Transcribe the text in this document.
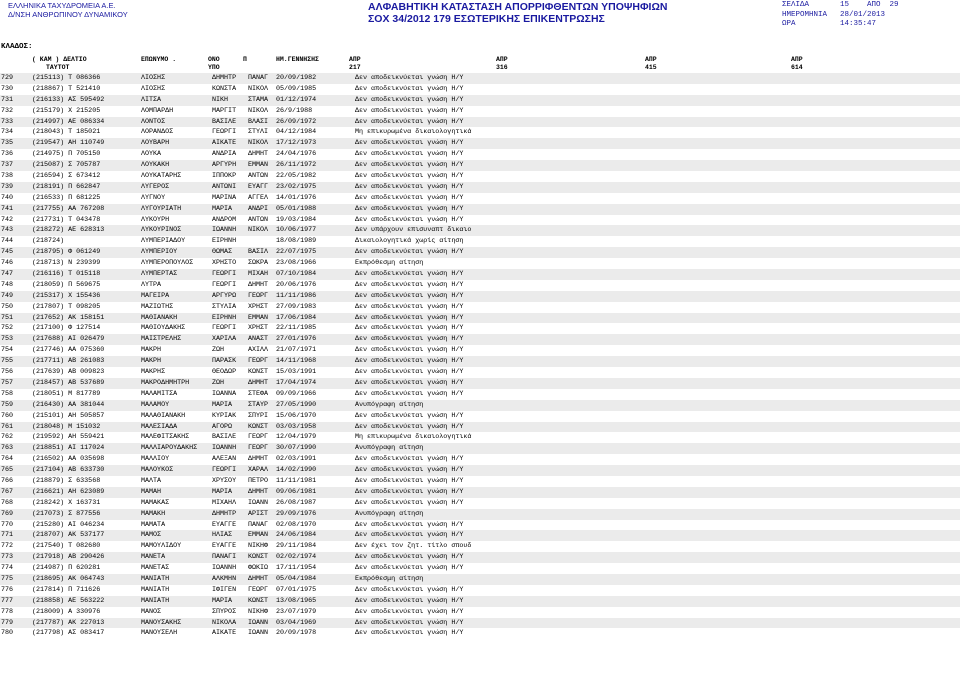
ΕΛΛΗΝΙΚΑ ΤΑΧΥΔΡΟΜΕΙΑ Α.Ε.
Δ/ΝΣΗ ΑΝΘΡΩΠΙΝΟΥ ΔΥΝΑΜΙΚΟΥ
ΑΛΦΑΒΗΤΙΚΗ ΚΑΤΑΣΤΑΣΗ ΑΠΟΡΡΙΦΘΕΝΤΩΝ ΥΠΟΨΗΦΙΩΝ
ΣΟΧ 34/2012 179 ΕΣΩΤΕΡΙΚΗΣ ΕΠΙΚΕΝΤΡΩΣΗΣ
ΣΕΛΙΔΑ	15    ΑΠΟ  29
ΗΜΕΡΟΜΗΝΙΑ 28/01/2013
ΩΡΑ	14:35:47
ΚΛΑΔΟΣ:
( ΚΑΜ ) ΔΕΛΤΙΟ
ΤΑΥΤΟΤ
ΕΠΩΝΥΜΟ .	ΟΝΟ
ΥΠΟ
Π	ΗΜ.ΓΕΝΝΗΣΗΣ	ΑΠΡ
217
ΑΠΡ
316
ΑΠΡ
415
ΑΠΡ
614
729	(215113) Τ 086366	ΛΙΟΣΗΣ	ΔΗΜΗΤΡ ΠΑΝΑΓ 20/09/1982	Δεν αποδεικνύεται γνώση Η/Υ
730	(218867) Τ 521410	ΛΙΟΣΗΣ	ΚΩΝΣΤΑ ΝΙΚΟΛ 05/09/1985	Δεν αποδεικνύεται γνώση Η/Υ
731	(216133) ΑΣ 595492	ΛΙΤΣΑ	ΝΙΚΗ	ΣΤΑΜΑ 01/12/1974	Δεν αποδεικνύεται γνώση Η/Υ
732	(215179) Χ 215205	ΛΟΜΠΑΡΔΗ	ΜΑΡΓΙΤ ΝΙΚΟΛ 26/9/1988	Δεν αποδεικνύεται γνώση Η/Υ
733	(214997) ΑΕ 086334	ΛΟΝΤΟΣ	ΒΑΣΙΛΕ ΒΛΑΣΙ 26/09/1972	Δεν αποδεικνύεται γνώση Η/Υ
734	(218043) Τ 185021	ΛΟΡΑΝΔΟΣ	ΓΕΩΡΓΙ ΣΤΥΛΙ 04/12/1984	Μη επικυρωμένα δικαιολογητικά
735	(219547) ΑΗ 110749	ΛΟΥΒΑΡΗ	ΑΙΚΑΤΕ ΝΙΚΟΛ 17/12/1973	Δεν αποδεικνύεται γνώση Η/Υ
736	(214975) Π 705150	ΛΟΥΚΑ	ΑΝΔΡΙΑ ΔΗΜΗΤ 24/04/1976	Δεν αποδεικνύεται γνώση Η/Υ
737	(215087) Σ 705787	ΛΟΥΚΑΚΗ	ΑΡΓΥΡΗ ΕΜΜΑΝ 26/11/1972	Δεν αποδεικνύεται γνώση Η/Υ
738	(216594) Σ 673412	ΛΟΥΚΑΤΑΡΗΣ	ΙΠΠΟΚΡ ΑΝΤΩΝ 22/05/1982	Δεν αποδεικνύεται γνώση Η/Υ
739	(218191) Π 662847	ΛΥΓΕΡΟΣ	ΑΝΤΩΝΙ ΕΥΑΓΓ 23/02/1975	Δεν αποδεικνύεται γνώση Η/Υ
740	(216533) Π 681225	ΛΥΓΝΟΥ	ΜΑΡΙΝΑ ΑΓΓΕΛ 14/01/1976	Δεν αποδεικνύεται γνώση Η/Υ
741	(217755) ΑΑ 767208	ΛΥΓΟΥΡΙΑΤΗ	ΜΑΡΙΑ ΑΝΔΡΙ 05/01/1988	Δεν αποδεικνύεται γνώση Η/Υ
742	(217731) Τ 043478	ΛΥΚΟΥΡΗ	ΑΝΔΡΟΜ ΑΝΤΩΝ 19/03/1984	Δεν αποδεικνύεται γνώση Η/Υ
743	(218272) ΑΕ 628313	ΛΥΚΟΥΡΙΝΟΣ	ΙΩΑΝΝΗ ΝΙΚΟΛ 10/06/1977	Δεν υπάρχουν επισυναπτ δικαιο
744	(218724)	ΛΥΜΠΕΡΙΑΔΟΥ	ΕΙΡΗΝΗ	18/08/1989	Δικαιολογητικά χωρίς αίτηση
745	(218795) Φ 061249	ΛΥΜΠΕΡΙΟΥ	ΘΩΜΑΣ ΒΑΣΙΛ 22/07/1975	Δεν αποδεικνύεται γνώση Η/Υ
746	(218713) Ν 239399	ΛΥΜΠΕΡΟΠΟΥΛΟΣ	ΧΡΗΣΤΟ ΣΩΚΡΑ 23/08/1966	Εκπρόθεσμη αίτηση
747	(216116) Τ 015118	ΛΥΜΠΕΡΤΑΣ	ΓΕΩΡΓΙ ΜΙΧΑΗ 07/10/1984	Δεν αποδεικνύεται γνώση Η/Υ
748	(218059) Π 569675	ΛΥΤΡΑ	ΓΕΩΡΓΙ ΔΗΜΗΤ 20/06/1976	Δεν αποδεικνύεται γνώση Η/Υ
749	(215317) Χ 155436	ΜΑΓΕΙΡΑ	ΑΡΓΥΡΩ ΓΕΩΡΓ 11/11/1986	Δεν αποδεικνύεται γνώση Η/Υ
750	(217807) Τ 098205	ΜΑΖΙΩΤΗΣ	ΣΤΥΛΙΑ ΧΡΗΣΤ 27/09/1983	Δεν αποδεικνύεται γνώση Η/Υ
751	(217652) ΑΚ 158151	ΜΑΘΙΑΝΑΚΗ	ΕΙΡΗΝΗ ΕΜΜΑΝ 17/06/1984	Δεν αποδεικνύεται γνώση Η/Υ
752	(217100) Φ 127514	ΜΑΘΙΟΥΔΑΚΗΣ	ΓΕΩΡΓΙ ΧΡΗΣΤ 22/11/1985	Δεν αποδεικνύεται γνώση Η/Υ
753	(217688) ΑΙ 026479	ΜΑΙΣΤΡΕΛΗΣ	ΧΑΡΙΛΑ ΑΝΑΣΤ 27/01/1976	Δεν αποδεικνύεται γνώση Η/Υ
754	(217746) ΑΑ 075360	ΜΑΚΡΗ	ΖΩΗ	ΑΧΙΛΛ 21/07/1971	Δεν αποδεικνύεται γνώση Η/Υ
755	(217711) ΑΒ 261083	ΜΑΚΡΗ	ΠΑΡΑΣΚ ΓΕΩΡΓ 14/11/1968	Δεν αποδεικνύεται γνώση Η/Υ
756	(217639) ΑΒ 009823	ΜΑΚΡΗΣ	ΘΕΟΔΩΡ ΚΩΝΣΤ 15/03/1991	Δεν αποδεικνύεται γνώση Η/Υ
757	(218457) ΑΒ 537689	ΜΑΚΡΟΔΗΜΗΤΡΗ	ΖΩΗ	ΔΗΜΗΤ 17/04/1974	Δεν αποδεικνύεται γνώση Η/Υ
758	(218051) Μ 817789	ΜΑΛΑΜΙΤΣΑ	ΙΩΑΝΝΑ ΣΤΕΦΑ 09/09/1966	Δεν αποδεικνύεται γνώση Η/Υ
759	(216430) ΑΑ 381044	ΜΑΛΑΜΟΥ	ΜΑΡΙΑ ΣΤΑΥΡ 27/05/1990	Ανυπόγραφη αίτηση
760	(215101) ΑΗ 505857	ΜΑΛΑΘΙΑΝΑΚΗ	ΚΥΡΙΑΚ ΣΠΥΡΙ 15/06/1970	Δεν αποδεικνύεται γνώση Η/Υ
761	(218048) Μ 151032	ΜΑΛΕΣΙΑΔΑ	ΑΓΟΡΩ ΚΩΝΣΤ 03/03/1958	Δεν αποδεικνύεται γνώση Η/Υ
762	(219592) ΑΗ 559421	ΜΑΛΕΦΙΤΣΑΚΗΣ	ΒΑΣΙΛΕ ΓΕΩΡΓ 12/04/1979	Μη επικυρωμένα δικαιολογητικά
763	(218851) ΑΙ 117024	ΜΑΛΛΙΑΡΟΥΔΑΚΗΣ ΙΩΑΝΝΗ ΓΕΩΡΓ 30/07/1990	Ανυπόγραφη αίτηση
764	(216502) ΑΑ 035698	ΜΑΛΛΙΟΥ	ΑΛΕΞΑΝ ΔΗΜΗΤ 02/03/1991	Δεν αποδεικνύεται γνώση Η/Υ
765	(217104) ΑΒ 633730	ΜΑΛΟΥΚΟΣ	ΓΕΩΡΓΙ ΧΑΡΑΛ 14/02/1990	Δεν αποδεικνύεται γνώση Η/Υ
766	(218879) Σ 633568	ΜΑΛΤΑ	ΧΡΥΣΟΥ ΠΕΤΡΟ 11/11/1981	Δεν αποδεικνύεται γνώση Η/Υ
767	(216621) ΑΗ 623089	ΜΑΜΑΗ	ΜΑΡΙΑ ΔΗΜΗΤ 09/06/1981	Δεν αποδεικνύεται γνώση Η/Υ
768	(218242) Χ 163731	ΜΑΜΑΚΑΣ	ΜΙΧΑΗΛ ΙΩΑΝΝ 26/08/1987	Δεν αποδεικνύεται γνώση Η/Υ
769	(217073) Σ 877556	ΜΑΜΑΚΗ	ΔΗΜΗΤΡ ΑΡΙΣΤ 29/09/1976	Ανυπόγραφη αίτηση
770	(215280) ΑΙ 046234	ΜΑΜΑΤΑ	ΕΥΑΓΓΕ ΠΑΝΑΓ 02/08/1970	Δεν αποδεικνύεται γνώση Η/Υ
771	(218707) ΑΚ 537177	ΜΑΜΟΣ	ΗΛΙΑΣ ΕΜΜΑΝ 24/06/1984	Δεν αποδεικνύεται γνώση Η/Υ
772	(217540) Τ 082680	ΜΑΜΟΥΛΙΔΟΥ	ΕΥΑΓΓΕ ΝΙΚΗΦ 29/11/1984	Δεν έχει τον ζητ. τίτλο σπουδ
773	(217918) ΑΒ 290426	ΜΑΝΕΤΑ	ΠΑΝΑΓΙ ΚΩΝΣΤ 02/02/1974	Δεν αποδεικνύεται γνώση Η/Υ
774	(214987) Π 620281	ΜΑΝΕΤΑΣ	ΙΩΑΝΝΗ ΦΩΚΙΩ 17/11/1954	Δεν αποδεικνύεται γνώση Η/Υ
775	(218695) ΑΚ 064743	ΜΑΝΙΑΤΗ	ΑΛΚΜΗΝ ΔΗΜΗΤ 05/04/1984	Εκπρόθεσμη αίτηση
776	(217814) Π 711626	ΜΑΝΙΑΤΗ	ΙΦΙΓΕΝ ΓΕΩΡΓ 07/01/1975	Δεν αποδεικνύεται γνώση Η/Υ
777	(218858) ΑΕ 563222	ΜΑΝΙΑΤΗ	ΜΑΡΙΑ ΚΩΝΣΤ 13/08/1965	Δεν αποδεικνύεται γνώση Η/Υ
778	(218009) Α 330976	ΜΑΝΟΣ	ΣΠΥΡΟΣ ΝΙΚΗΦ 23/07/1979	Δεν αποδεικνύεται γνώση Η/Υ
779	(217787) ΑΚ 227013	ΜΑΝΟΥΣΑΚΗΣ	ΝΙΚΟΛΑ ΙΩΑΝΝ 03/04/1969	Δεν αποδεικνύεται γνώση Η/Υ
780	(217798) ΑΣ 083417	ΜΑΝΟΥΣΕΛΗ	ΑΙΚΑΤΕ ΙΩΑΝΝ 20/09/1978	Δεν αποδεικνύεται γνώση Η/Υ
